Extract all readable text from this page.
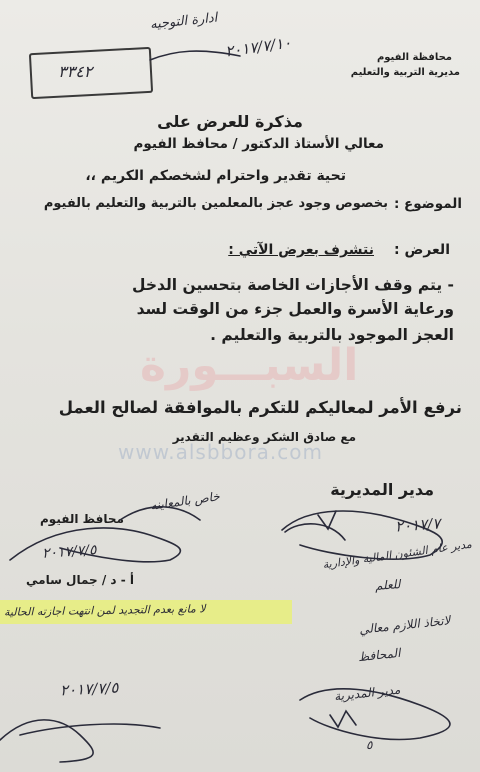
ادارة التوجيه
٢٠١٧/٧/١٠
٣٣٤٢
محافظة الفيوم
مديرية التربية والتعليم
مذكرة للعرض على
معالي الأستاذ الدكتور / محافظ الفيوم
تحية تقدير واحترام لشخصكم الكريم ،،
الموضوع :
بخصوص وجود عجز بالمعلمين بالتربية والتعليم بالفيوم
العرض :
نتشرف بعرض الآتي :
- يتم وقف الأجازات الخاصة بتحسين الدخل
ورعاية الأسرة والعمل جزء من الوقت لسد
العجز الموجود بالتربية والتعليم .
السبـــورة
www.alsbbora.com
نرفع الأمر لمعاليكم للتكرم بالموافقة لصالح العمل
مع صادق الشكر وعظيم التقدير
مدير المديرية
٢٠١٧/٧
خاص بالمعاينه
محافظ الفيوم
٢٠١٧/٧/٥
أ - د / جمال سامي
لا مانع بعدم التجديد لمن انتهت اجازته الحالية
مدير عام الشئون المالية والإدارية
للعلم
لاتخاذ اللازم معالي
المحافظ
مدير المديرية
٢٠١٧/٧/٥
٥
